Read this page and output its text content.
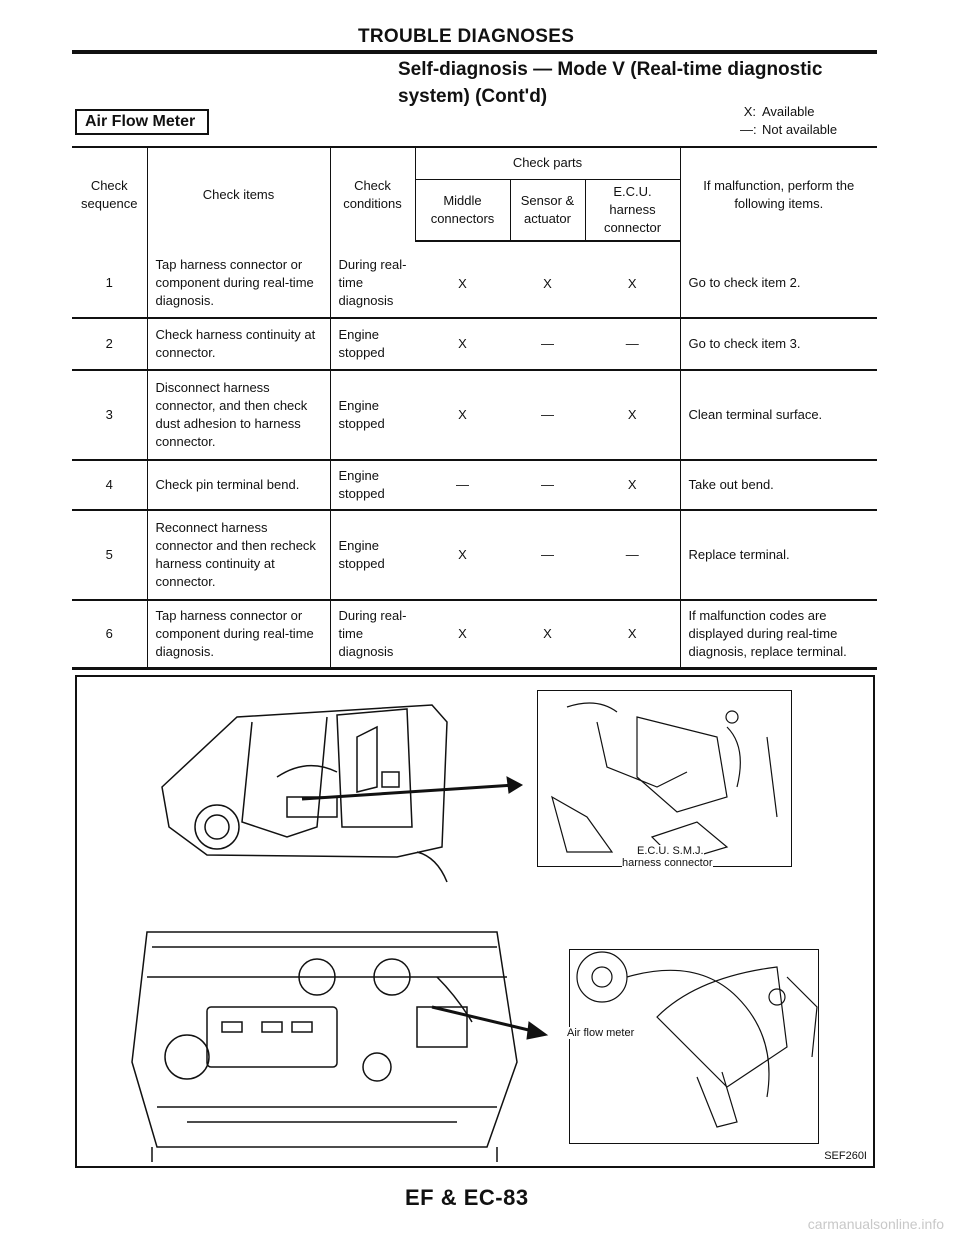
TROUBLE DIAGNOSES
Self-diagnosis — Mode V (Real-time diagnostic system) (Cont'd)
Air Flow Meter
X: Available
—: Not available
Check sequence	Check items	Check conditions	Check parts			If malfunction, perform the following items.
			Middle connectors	Sensor & actuator	E.C.U. harness connector	
1	Tap harness connector or component during real-time diagnosis.	During real-time diagnosis	X	X	X	Go to check item 2.
2	Check harness continuity at connector.	Engine stopped	X	—	—	Go to check item 3.
3	Disconnect harness connector, and then check dust adhesion to harness connector.	Engine stopped	X	—	X	Clean terminal surface.
4	Check pin terminal bend.	Engine stopped	—	—	X	Take out bend.
5	Reconnect harness connector and then recheck harness continuity at connector.	Engine stopped	X	—	—	Replace terminal.
6	Tap harness connector or component during real-time diagnosis.	During real-time diagnosis	X	X	X	If malfunction codes are displayed during real-time diagnosis, replace terminal.
E.C.U. S.M.J.
harness connector
Air flow meter
SEF260I
EF & EC-83
carmanualsonline.info
